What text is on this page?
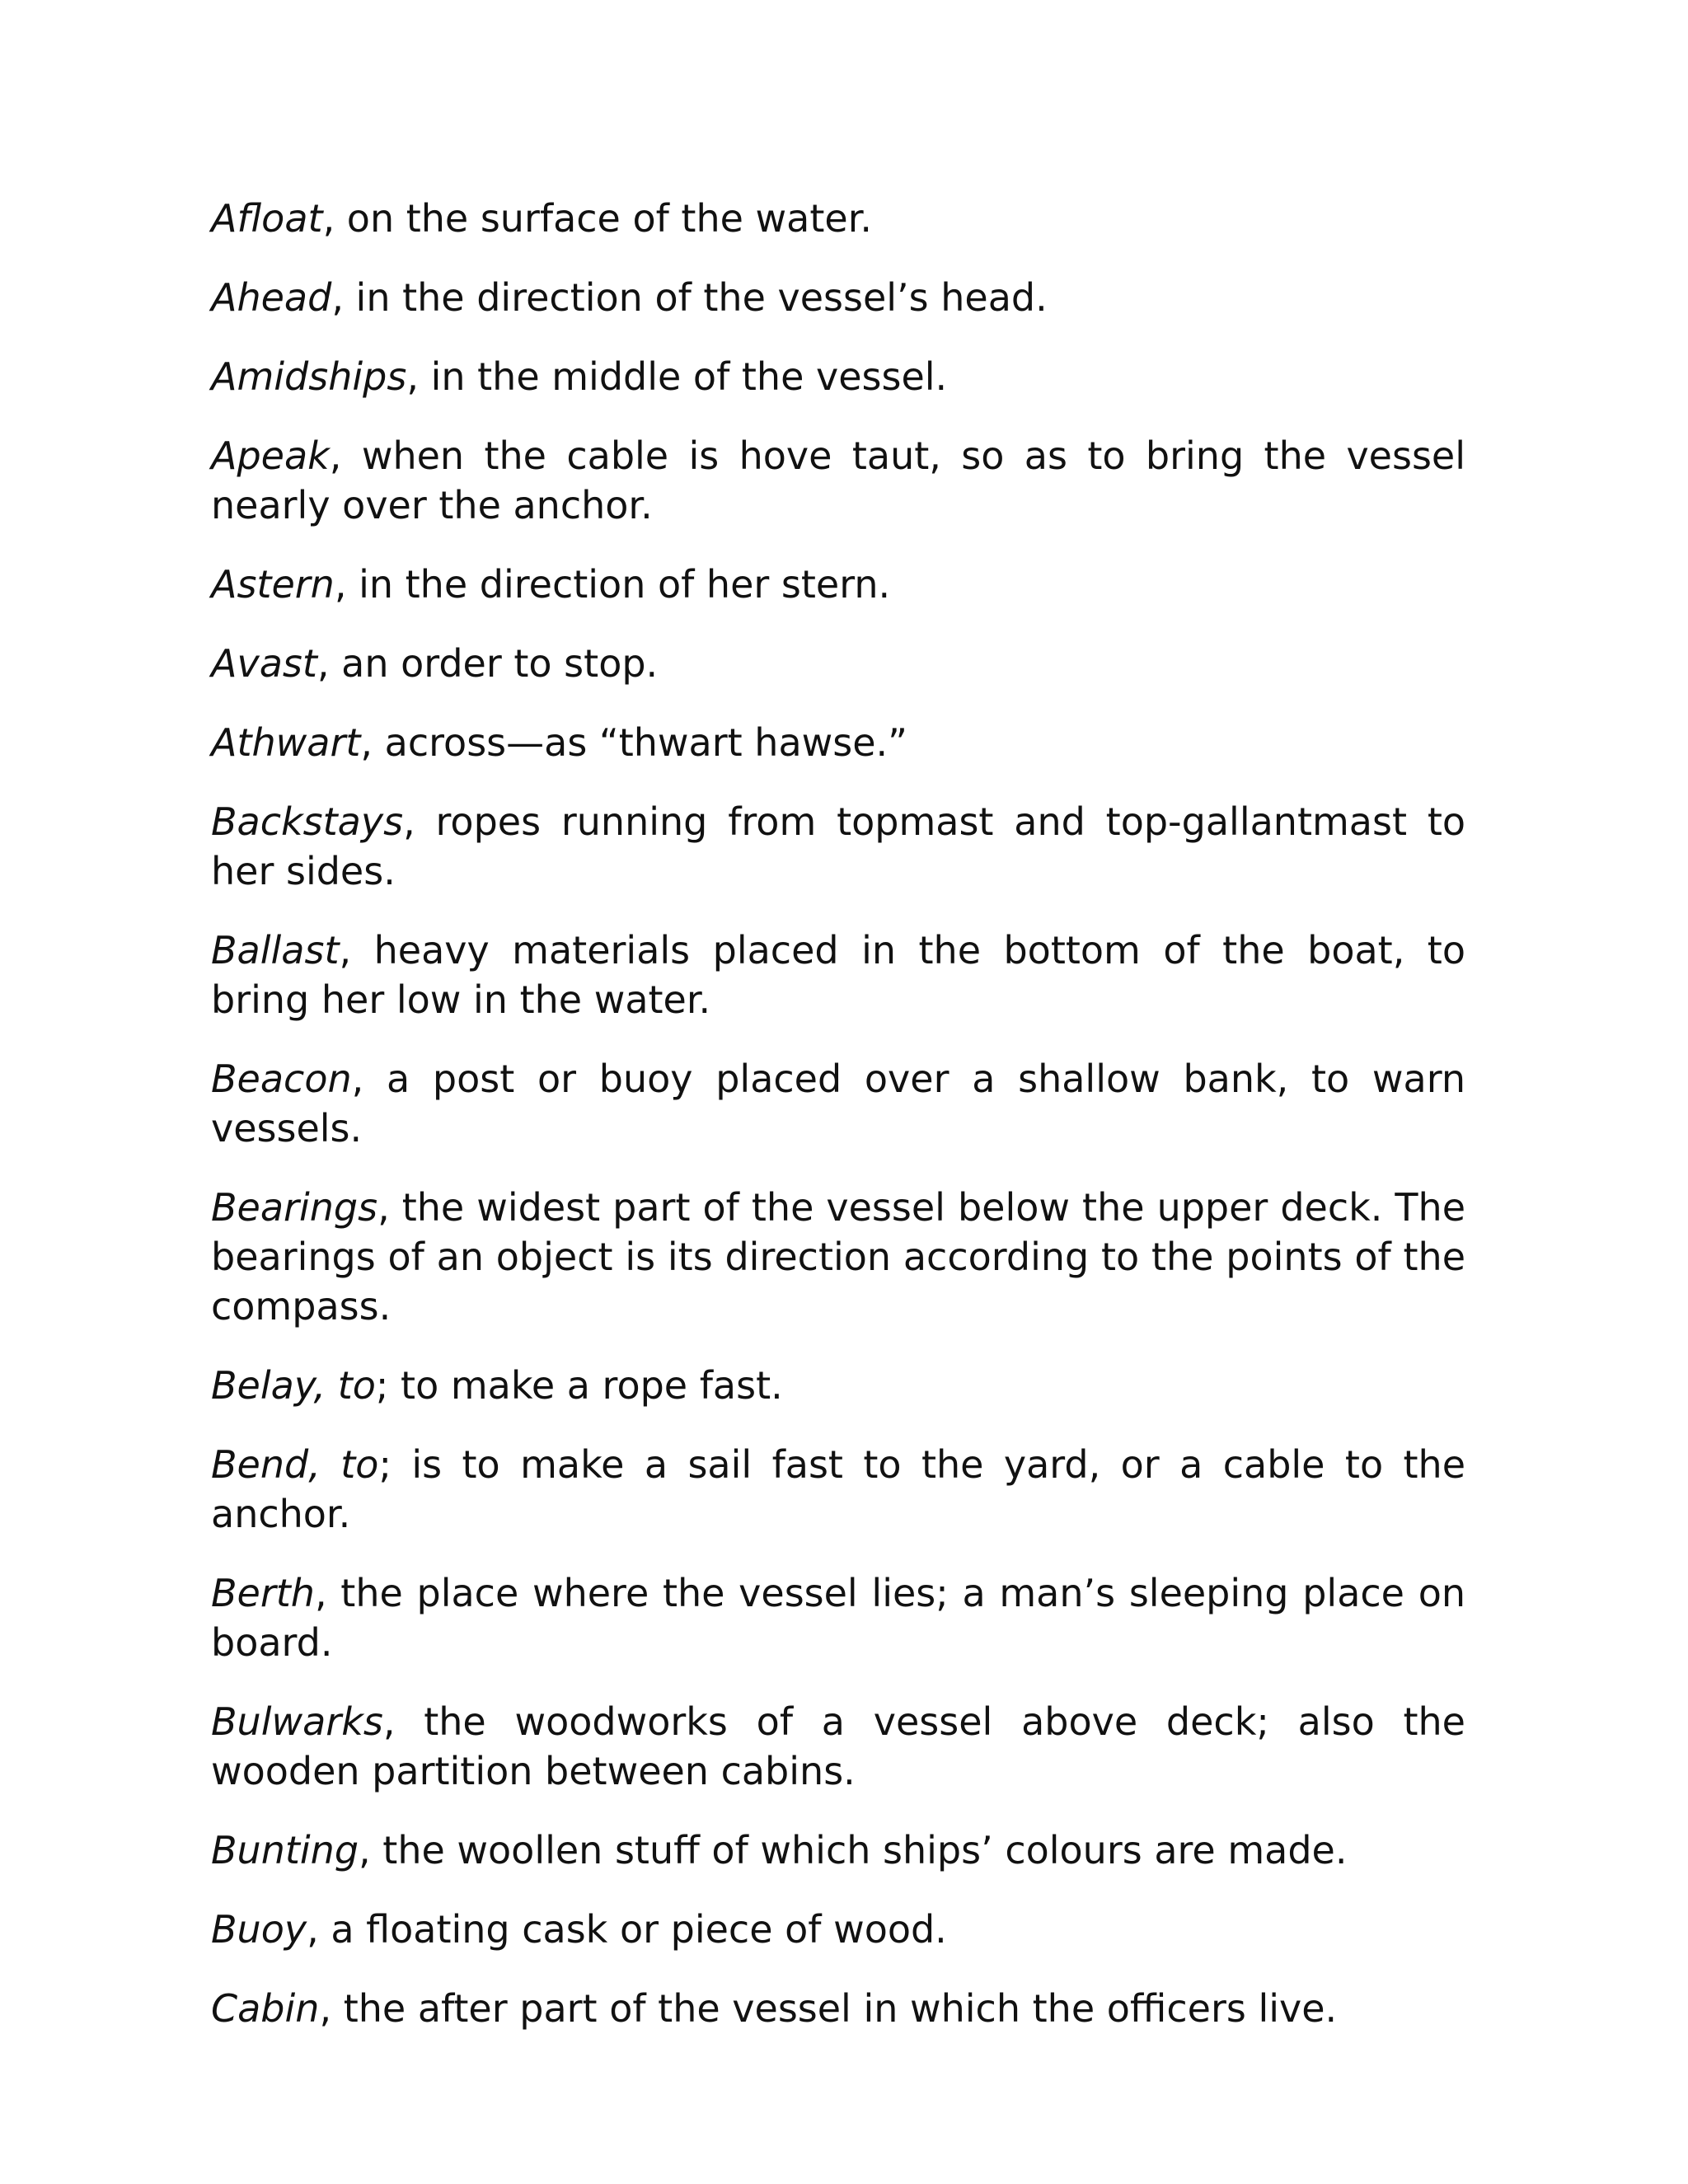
Afloat, on the surface of the water.

Ahead, in the direction of the vessel’s head.

Amidships, in the middle of the vessel.

Apeak, when the cable is hove taut, so as to bring the vessel nearly over the anchor.

Astern, in the direction of her stern.

Avast, an order to stop.

Athwart, across—as “thwart hawse.”

Backstays, ropes running from topmast and top-gallantmast to her sides.

Ballast, heavy materials placed in the bottom of the boat, to bring her low in the water.

Beacon, a post or buoy placed over a shallow bank, to warn vessels.

Bearings, the widest part of the vessel below the upper deck. The bearings of an object is its direction according to the points of the compass.

Belay, to; to make a rope fast.

Bend, to; is to make a sail fast to the yard, or a cable to the anchor.

Berth, the place where the vessel lies; a man’s sleeping place on board.

Bulwarks, the woodworks of a vessel above deck; also the wooden partition between cabins.

Bunting, the woollen stuff of which ships’ colours are made.

Buoy, a floating cask or piece of wood.

Cabin, the after part of the vessel in which the officers live.
